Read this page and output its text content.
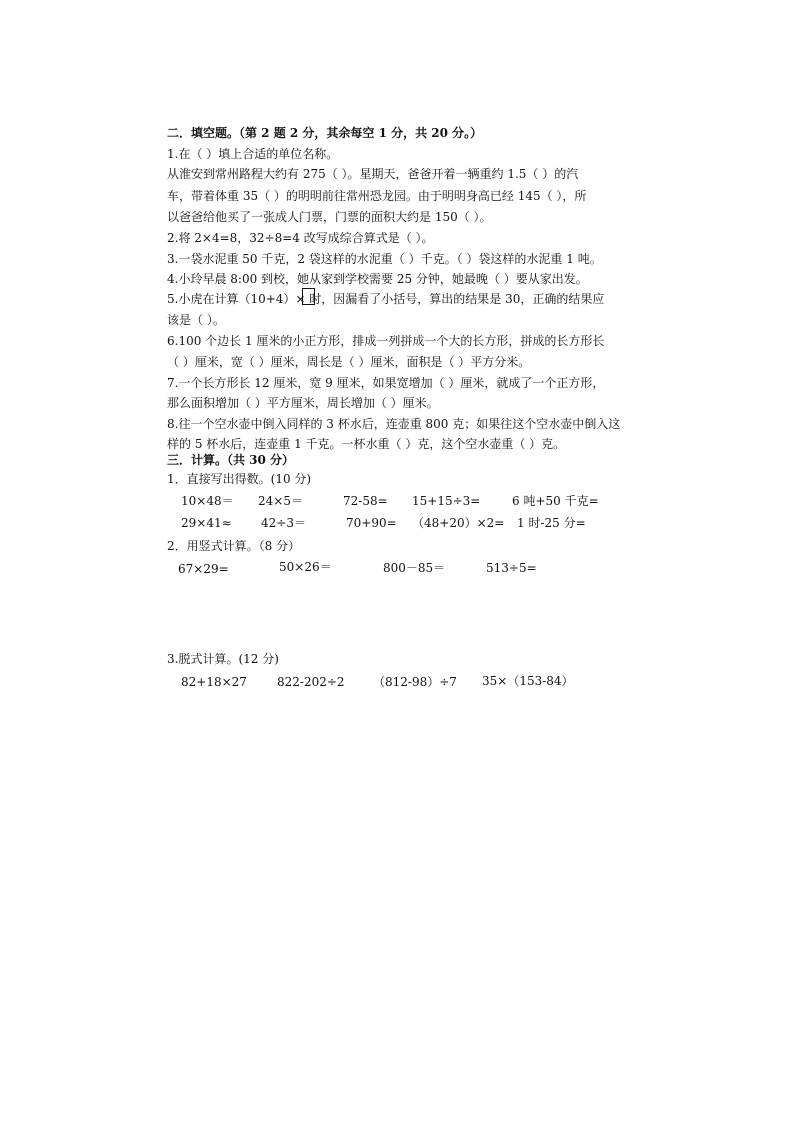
二．填空题。（第 2 题 2 分，其余每空 1 分，共 20 分。）
1.在（ ）填上合适的单位名称。
从淮安到常州路程大约有 275（ ）。星期天，爸爸开着一辆重约 1.5（ ）的汽
车，带着体重 35（ ）的明明前往常州恐龙园。由于明明身高已经 145（ ），所
以爸爸给他买了一张成人门票，门票的面积大约是 150（ ）。
2.将 2×4=8，32÷8=4 改写成综合算式是（ ）。
3.一袋水泥重 50 千克，2 袋这样的水泥重（ ）千克。（ ）袋这样的水泥重 1 吨。
4.小玲早晨 8:00 到校，她从家到学校需要 25 分钟，她最晚（ ）要从家出发。
5.小虎在计算（10+4）× 时，因漏看了小括号，算出的结果是 30，正确的结果应
该是（ ）。
6.100 个边长 1 厘米的小正方形，排成一列拼成一个大的长方形，拼成的长方形长
（ ）厘米，宽（ ）厘米，周长是（ ）厘米，面积是（ ）平方分米。
7.一个长方形长 12 厘米，宽 9 厘米，如果宽增加（ ）厘米，就成了一个正方形，
那么面积增加（ ）平方厘米，周长增加（ ）厘米。
8.往一个空水壶中倒入同样的 3 杯水后，连壶重 800 克；如果往这个空水壶中倒入这
样的 5 杯水后，连壶重 1 千克。一杯水重（ ）克，这个空水壶重（ ）克。
三．计算。（共 30 分）
1．直接写出得数。(10 分)
10×48＝ 24×5＝	72-58= 15+15÷3=	6 吨+50 千克=
29×41≈ 42÷3＝	70+90= （48+20）×2= 1 时-25 分=
2．用竖式计算。（8 分）
67×29=	50×26＝	800－85＝	513÷5=
3.脱式计算。(12 分)
82+18×27	822-202÷2 （812-98）÷7 35×（153-84）
